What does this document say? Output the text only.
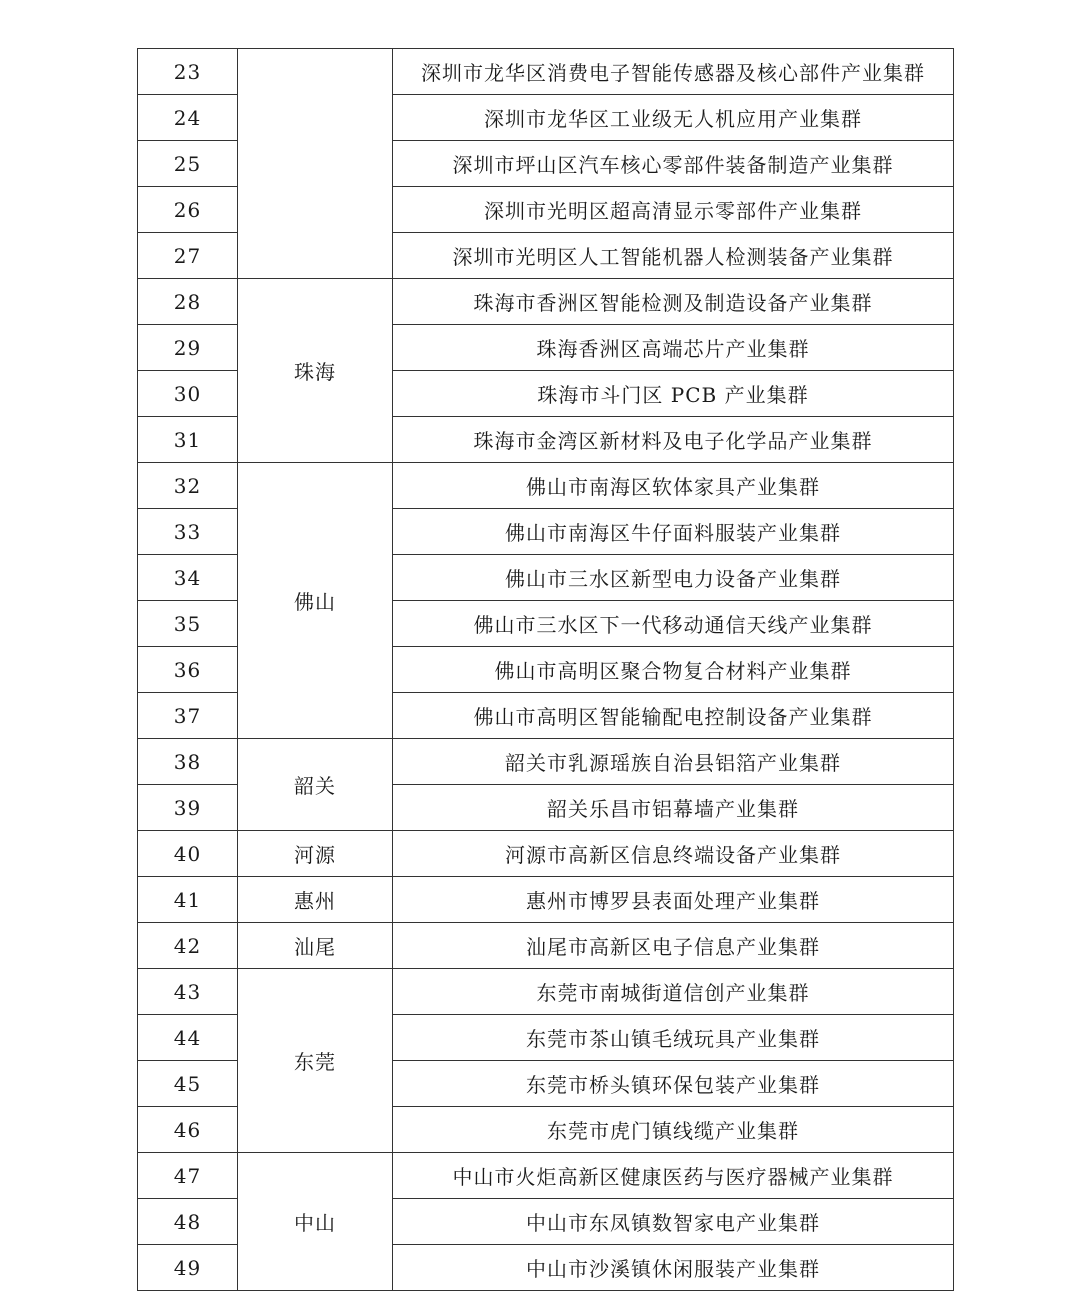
23		深圳市龙华区消费电子智能传感器及核心部件产业集群
24		深圳市龙华区工业级无人机应用产业集群
25		深圳市坪山区汽车核心零部件装备制造产业集群
26		深圳市光明区超高清显示零部件产业集群
27		深圳市光明区人工智能机器人检测装备产业集群
28	珠海	珠海市香洲区智能检测及制造设备产业集群
29		珠海香洲区高端芯片产业集群
30		珠海市斗门区 PCB 产业集群
31		珠海市金湾区新材料及电子化学品产业集群
32	佛山	佛山市南海区软体家具产业集群
33		佛山市南海区牛仔面料服装产业集群
34		佛山市三水区新型电力设备产业集群
35		佛山市三水区下一代移动通信天线产业集群
36		佛山市高明区聚合物复合材料产业集群
37		佛山市高明区智能输配电控制设备产业集群
38	韶关	韶关市乳源瑶族自治县铝箔产业集群
39		韶关乐昌市铝幕墙产业集群
40	河源	河源市高新区信息终端设备产业集群
41	惠州	惠州市博罗县表面处理产业集群
42	汕尾	汕尾市高新区电子信息产业集群
43	东莞	东莞市南城街道信创产业集群
44		东莞市茶山镇毛绒玩具产业集群
45		东莞市桥头镇环保包装产业集群
46		东莞市虎门镇线缆产业集群
47	中山	中山市火炬高新区健康医药与医疗器械产业集群
48		中山市东凤镇数智家电产业集群
49		中山市沙溪镇休闲服装产业集群
